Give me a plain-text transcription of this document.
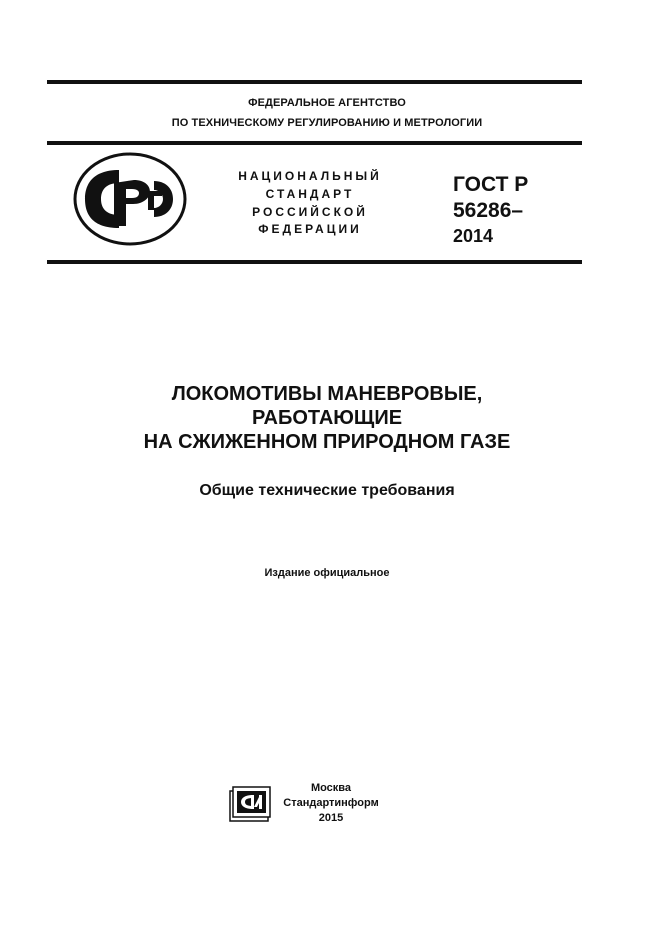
ФЕДЕРАЛЬНОЕ АГЕНТСТВО
ПО ТЕХНИЧЕСКОМУ РЕГУЛИРОВАНИЮ И МЕТРОЛОГИИ
НАЦИОНАЛЬНЫЙ
СТАНДАРТ
РОССИЙСКОЙ
ФЕДЕРАЦИИ
ГОСТ Р
56286–
2014
ЛОКОМОТИВЫ МАНЕВРОВЫЕ,
РАБОТАЮЩИЕ
НА СЖИЖЕННОМ ПРИРОДНОМ ГАЗЕ
Общие технические требования
Издание официальное
Москва
Стандартинформ
2015
